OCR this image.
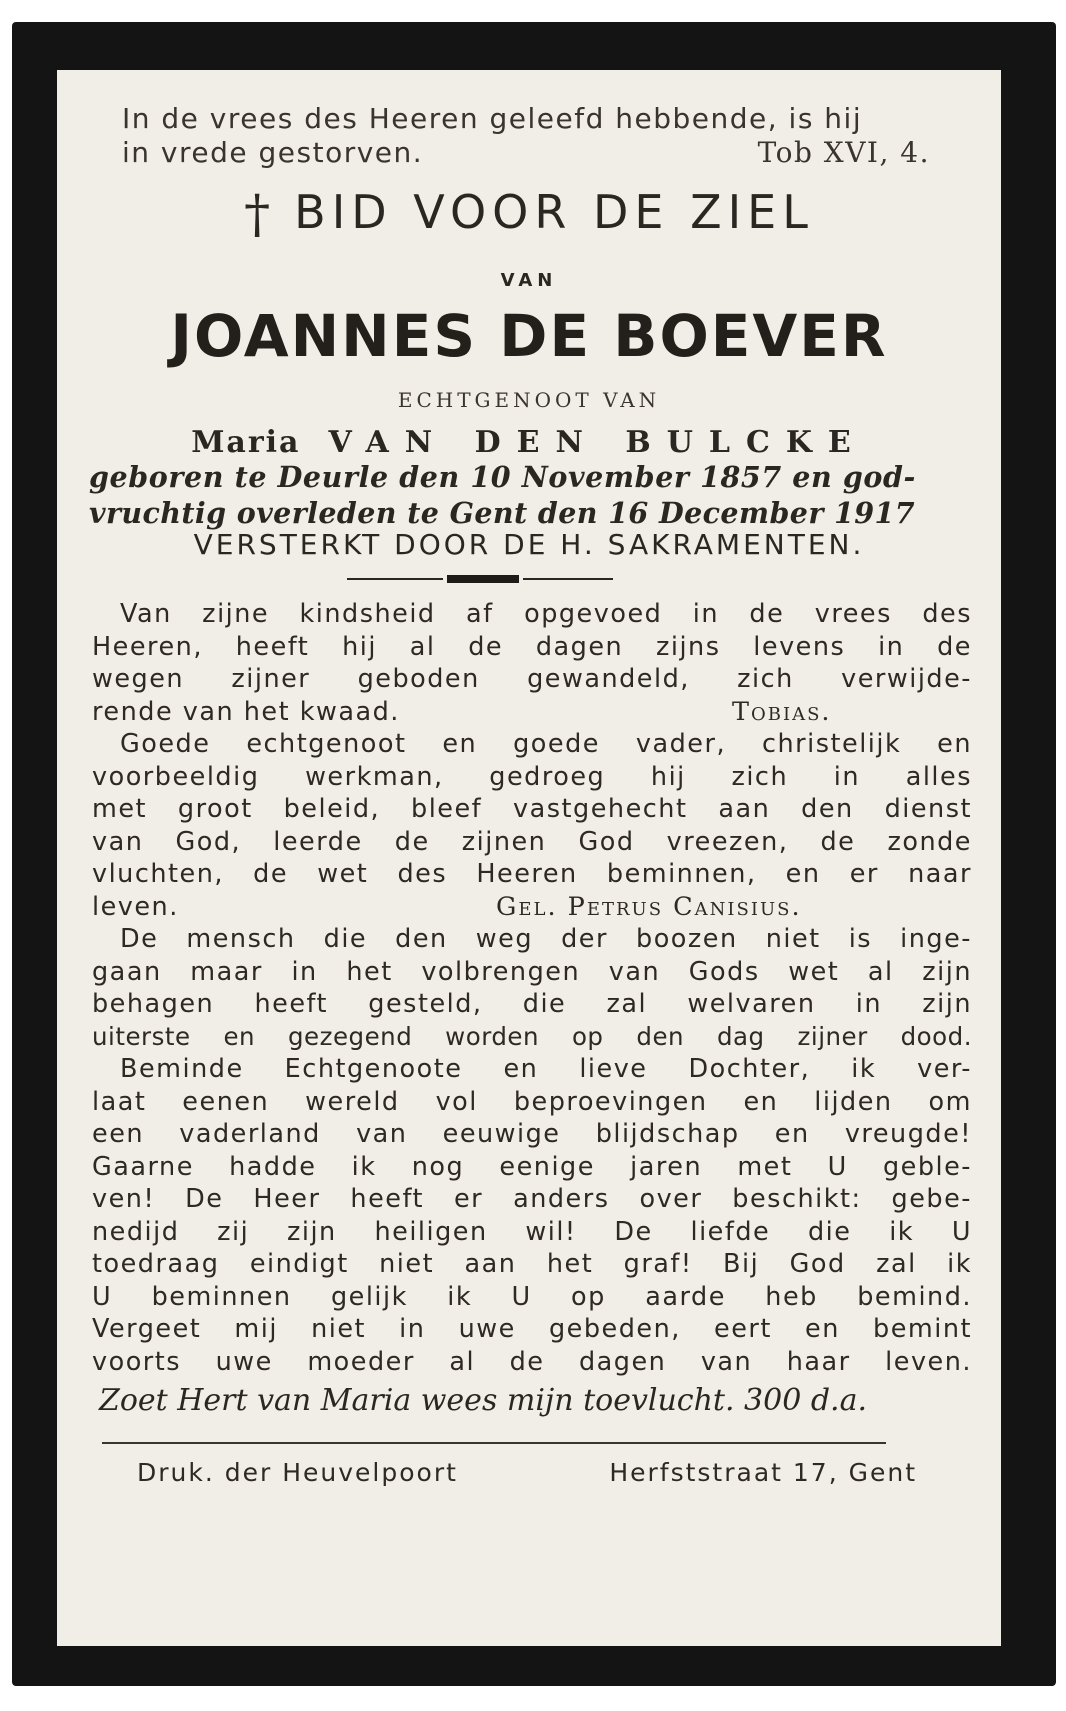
In de vrees des Heeren geleefd hebbende, is hij
in vrede gestorven.	Tob XVI, 4.
† BID VOOR DE ZIEL
VAN
JOANNES DE BOEVER
ECHTGENOOT VAN
Maria VAN DEN BULCKE
geboren te Deurle den 10 November 1857 en god-
vruchtig overleden te Gent den 16 December 1917
VERSTERKT DOOR DE H. SAKRAMENTEN.
Van zijne kindsheid af opgevoed in de vrees des
Heeren, heeft hij al de dagen zijns levens in de
wegen zijner geboden gewandeld, zich verwijde-
rende van het kwaad.	Tobias.
Goede echtgenoot en goede vader, christelijk en
voorbeeldig werkman, gedroeg hij zich in alles
met groot beleid, bleef vastgehecht aan den dienst
van God, leerde de zijnen God vreezen, de zonde
vluchten, de wet des Heeren beminnen, en er naar
leven.	Gel. Petrus Canisius.
De mensch die den weg der boozen niet is inge-
gaan maar in het volbrengen van Gods wet al zijn
behagen heeft gesteld, die zal welvaren in zijn
uiterste en gezegend worden op den dag zijner dood.
Beminde Echtgenoote en lieve Dochter, ik ver-
laat eenen wereld vol beproevingen en lijden om
een vaderland van eeuwige blijdschap en vreugde!
Gaarne hadde ik nog eenige jaren met U geble-
ven! De Heer heeft er anders over beschikt: gebe-
nedijd zij zijn heiligen wil! De liefde die ik U
toedraag eindigt niet aan het graf! Bij God zal ik
U beminnen gelijk ik U op aarde heb bemind.
Vergeet mij niet in uwe gebeden, eert en bemint
voorts uwe moeder al de dagen van haar leven.
Zoet Hert van Maria wees mijn toevlucht. 300 d.a.
Druk. der Heuvelpoort	Herfststraat 17, Gent
